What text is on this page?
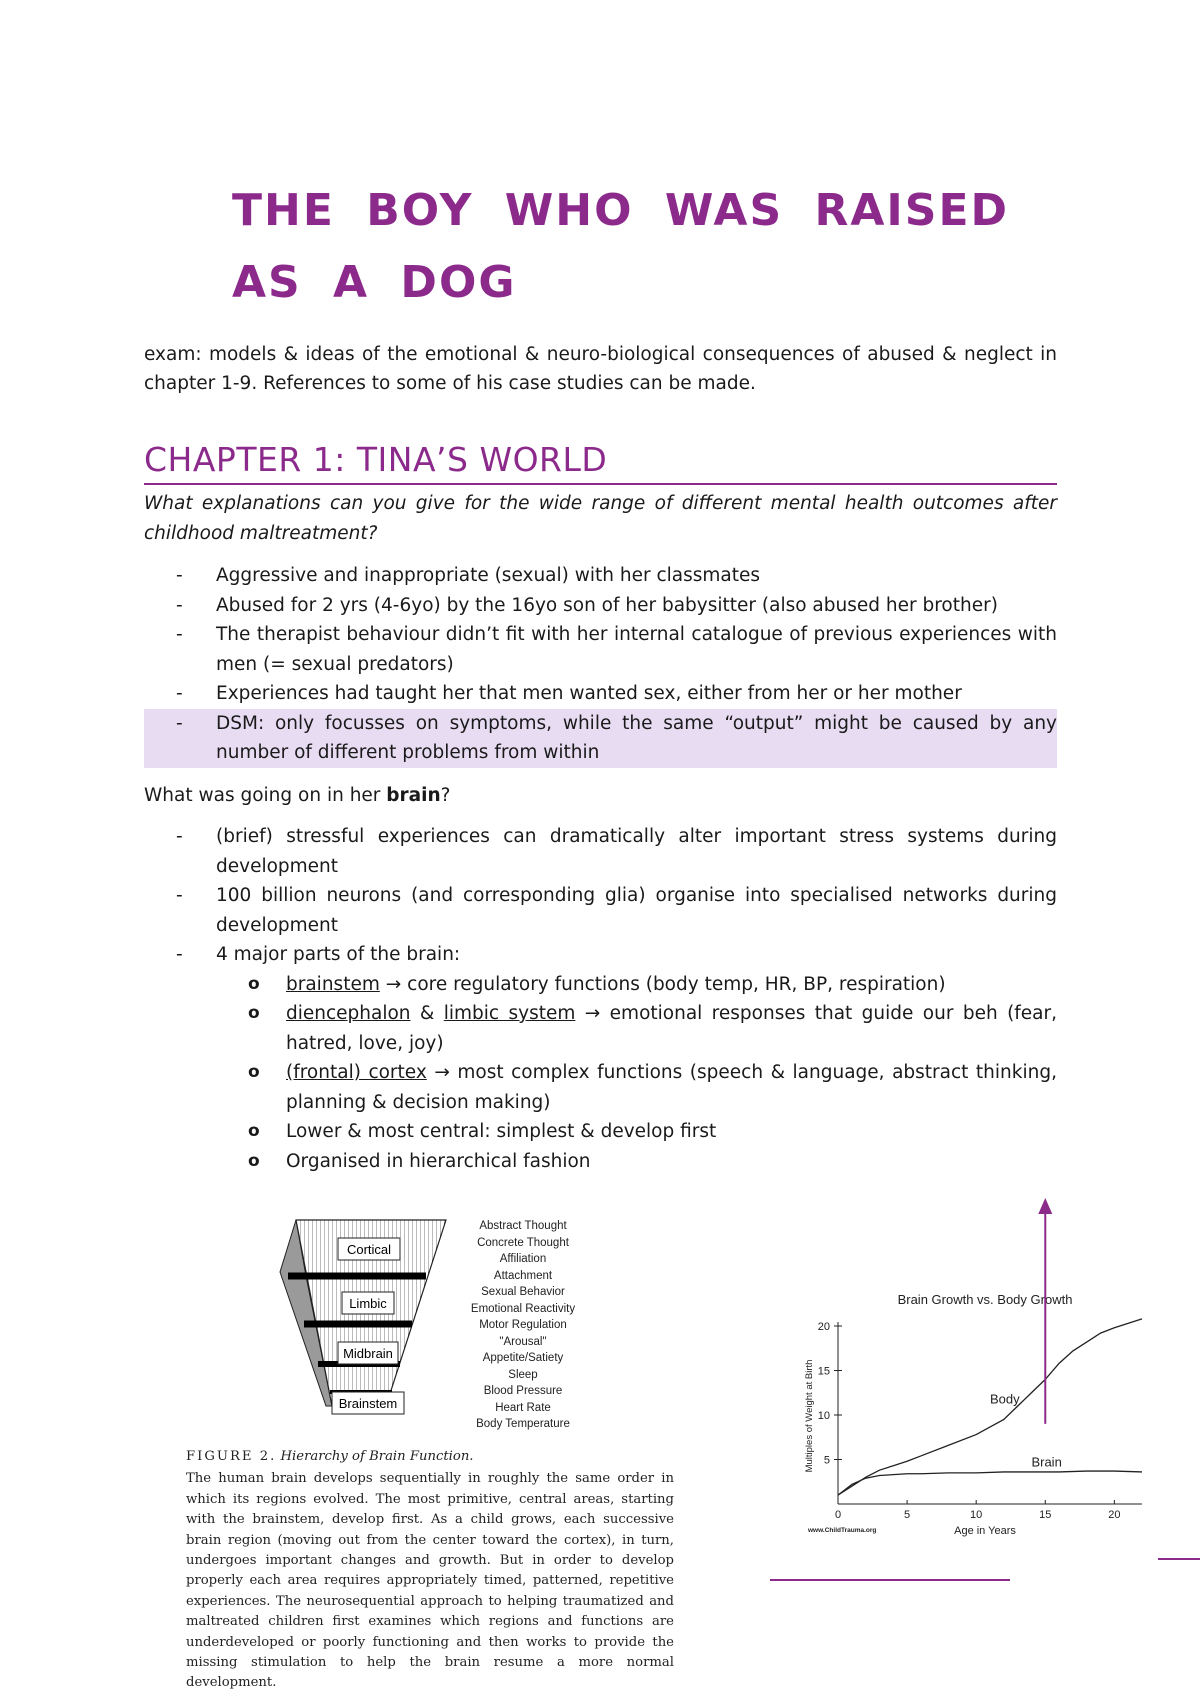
THE BOY WHO WAS RAISED
AS A DOG
exam: models & ideas of the emotional & neuro-biological consequences of abused & neglect in chapter 1-9. References to some of his case studies can be made.
CHAPTER 1: TINA’S WORLD
What explanations can you give for the wide range of different mental health outcomes after childhood maltreatment?
- Aggressive and inappropriate (sexual) with her classmates
- Abused for 2 yrs (4-6yo) by the 16yo son of her babysitter (also abused her brother)
- The therapist behaviour didn’t fit with her internal catalogue of previous experiences with men (= sexual predators)
- Experiences had taught her that men wanted sex, either from her or her mother
- DSM: only focusses on symptoms, while the same “output” might be caused by any number of different problems from within
What was going on in her brain?
- (brief) stressful experiences can dramatically alter important stress systems during development
- 100 billion neurons (and corresponding glia) organise into specialised networks during development
- 4 major parts of the brain:
o brainstem → core regulatory functions (body temp, HR, BP, respiration)
o diencephalon & limbic system → emotional responses that guide our beh (fear, hatred, love, joy)
o (frontal) cortex → most complex functions (speech & language, abstract thinking, planning & decision making)
o Lower & most central: simplest & develop first
o Organised in hierarchical fashion
Cortical
Limbic
Midbrain
Brainstem
Abstract Thought
Concrete Thought
Affiliation
Attachment
Sexual Behavior
Emotional Reactivity
Motor Regulation
"Arousal"
Appetite/Satiety
Sleep
Blood Pressure
Heart Rate
Body Temperature
FIGURE 2. Hierarchy of Brain Function.
The human brain develops sequentially in roughly the same order in which its regions evolved. The most primitive, central areas, starting with the brainstem, develop first. As a child grows, each successive brain region (moving out from the center toward the cortex), in turn, undergoes important changes and growth. But in order to develop properly each area requires appropriately timed, patterned, repetitive experiences. The neurosequential approach to helping traumatized and maltreated children first examines which regions and functions are underdeveloped or poorly functioning and then works to provide the missing stimulation to help the brain resume a more normal development.
Brain Growth vs. Body Growth
0	5	10	15	20
5
10
15
20
Age in Years
Multiples of Weight at Birth
www.ChildTrauma.org
Body
Brain
